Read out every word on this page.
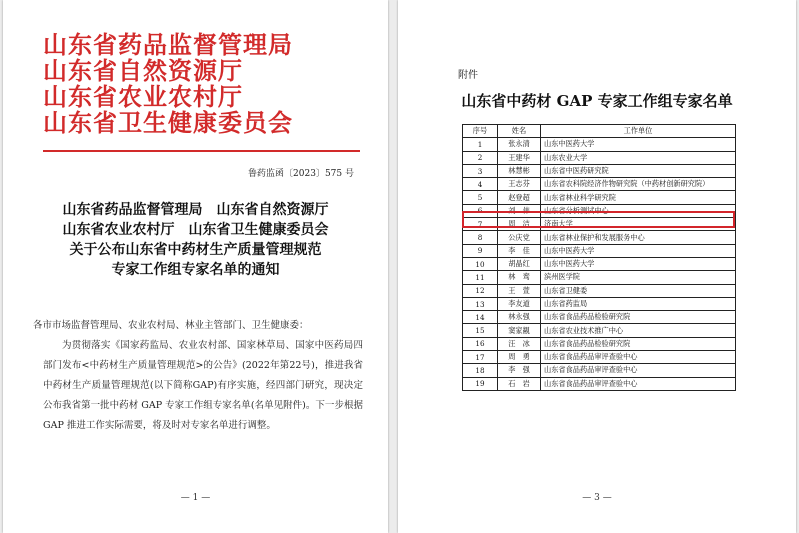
山东省药品监督管理局
山东省自然资源厅
山东省农业农村厅
山东省卫生健康委员会
鲁药监函〔2023〕575 号
山东省药品监督管理局　山东省自然资源厅
山东省农业农村厅　山东省卫生健康委员会
关于公布山东省中药材生产质量管理规范
专家工作组专家名单的通知
各市市场监督管理局、农业农村局、林业主管部门、卫生健康委：
为贯彻落实《国家药监局、农业农村部、国家林草局、国家中医药局四部门发布<中药材生产质量管理规范>的公告》(2022年第22号)，推进我省中药材生产质量管理规范(以下简称GAP)有序实施，经四部门研究，现决定公布我省第一批中药材 GAP 专家工作组专家名单(名单见附件)。下一步根据 GAP 推进工作实际需要，将及时对专家名单进行调整。
— 1 —
附件
山东省中药材 GAP 专家工作组专家名单
序号	姓名	工作单位
1	张永清	山东中医药大学
2	王建华	山东农业大学
3	林慧彬	山东省中医药研究院
4	王志芬	山东省农科院经济作物研究院（中药材创新研究院）
5	赵登超	山东省林业科学研究院
6	刘　伟	山东省分析测试中心
7	周　洁	济南大学
8	公庆党	山东省林业保护和发展服务中心
9	李　佳	山东中医药大学
10	胡晶红	山东中医药大学
11	林　鸾	滨州医学院
12	王　萱	山东省卫健委
13	李友道	山东省药监局
14	林永强	山东省食品药品检验研究院
15	窦家観	山东省农业技术推广中心
16	汪　冰	山东省食品药品检验研究院
17	周　勇	山东省食品药品审评查验中心
18	李　强	山东省食品药品审评查验中心
19	石　岩	山东省食品药品审评查验中心
— 3 —
